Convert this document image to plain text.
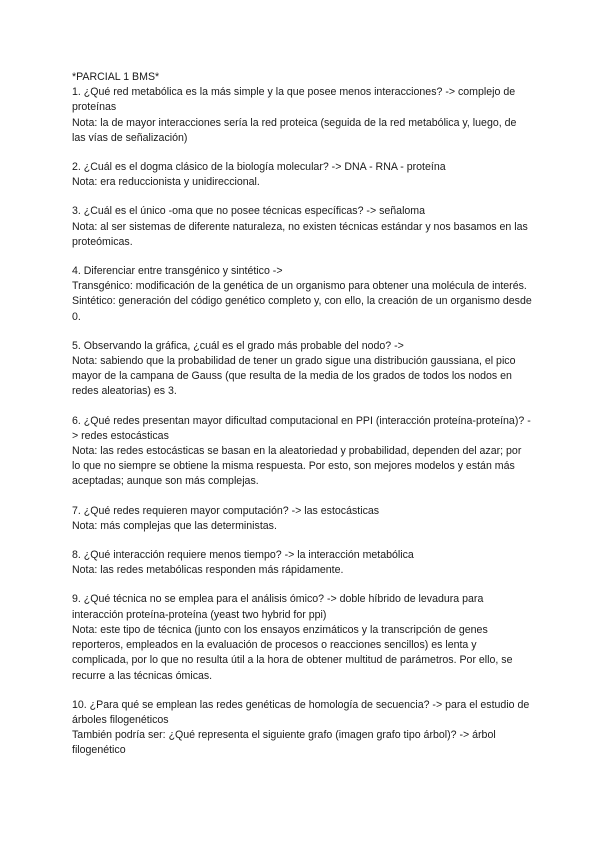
*PARCIAL 1 BMS*

1. ¿Qué red metabólica es la más simple y la que posee menos interacciones? -> complejo de proteínas

Nota: la de mayor interacciones sería la red proteica (seguida de la red metabólica y, luego, de las vías de señalización)

2. ¿Cuál es el dogma clásico de la biología molecular? -> DNA - RNA - proteína

Nota: era reduccionista y unidireccional.

3. ¿Cuál es el único -oma que no posee técnicas específicas? -> señaloma

Nota: al ser sistemas de diferente naturaleza, no existen técnicas estándar y nos basamos en las proteómicas.

4. Diferenciar entre transgénico y sintético ->

Transgénico: modificación de la genética de un organismo para obtener una molécula de interés.

Sintético: generación del código genético completo y, con ello, la creación de un organismo desde 0.

5. Observando la gráfica, ¿cuál es el grado más probable del nodo? ->

Nota: sabiendo que la probabilidad de tener un grado sigue una distribución gaussiana, el pico mayor de la campana de Gauss (que resulta de la media de los grados de todos los nodos en redes aleatorias) es 3.

6. ¿Qué redes presentan mayor dificultad computacional en PPI (interacción proteína-proteína)? -> redes estocásticas

Nota: las redes estocásticas se basan en la aleatoriedad y probabilidad, dependen del azar; por lo que no siempre se obtiene la misma respuesta. Por esto, son mejores modelos y están más aceptadas; aunque son más complejas.

7. ¿Qué redes requieren mayor computación? -> las estocásticas

Nota: más complejas que las deterministas.

8. ¿Qué interacción requiere menos tiempo? -> la interacción metabólica

Nota: las redes metabólicas responden más rápidamente.

9. ¿Qué técnica no se emplea para el análisis ómico? -> doble híbrido de levadura para interacción proteína-proteína (yeast two hybrid for ppi)

Nota: este tipo de técnica (junto con los ensayos enzimáticos y la transcripción de genes reporteros, empleados en la evaluación de procesos o reacciones sencillos) es lenta y complicada, por lo que no resulta útil a la hora de obtener multitud de parámetros. Por ello, se recurre a las técnicas ómicas.

10. ¿Para qué se emplean las redes genéticas de homología de secuencia? -> para el estudio de árboles filogenéticos

También podría ser: ¿Qué representa el siguiente grafo (imagen grafo tipo árbol)? -> árbol filogenético
